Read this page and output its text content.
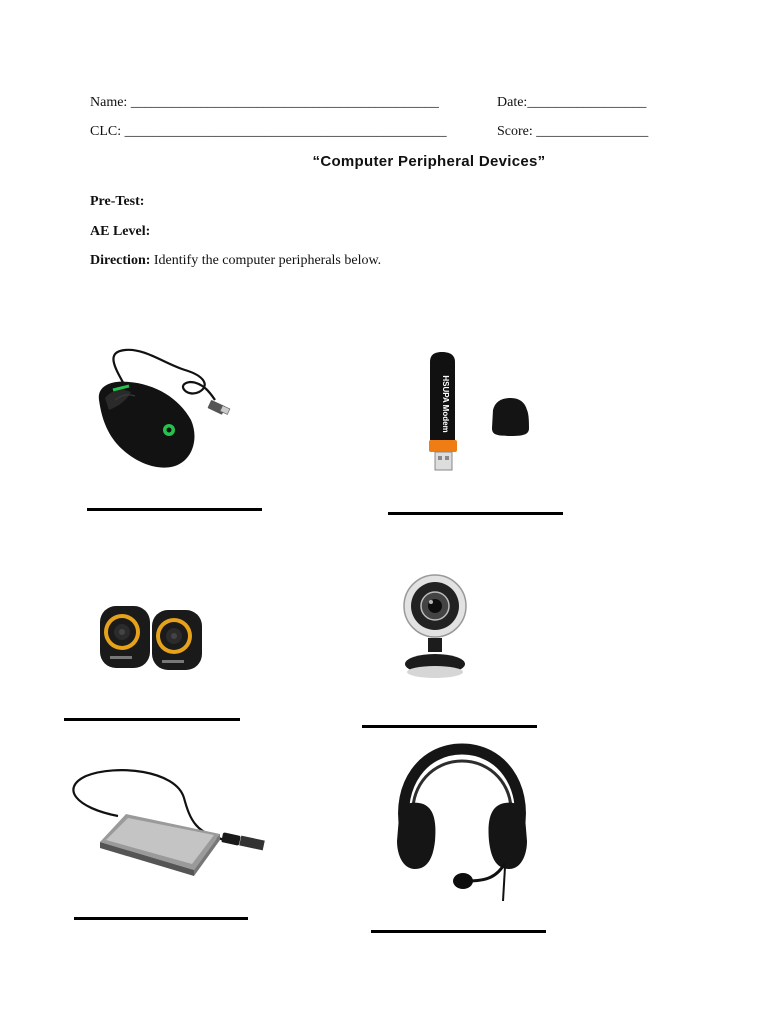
Name: ____________________________________________	Date:_________________
CLC: ______________________________________________	Score: ________________
“Computer Peripheral Devices”
Pre-Test:
AE Level:
Direction: Identify the computer peripherals below.
HSUPA Modem
